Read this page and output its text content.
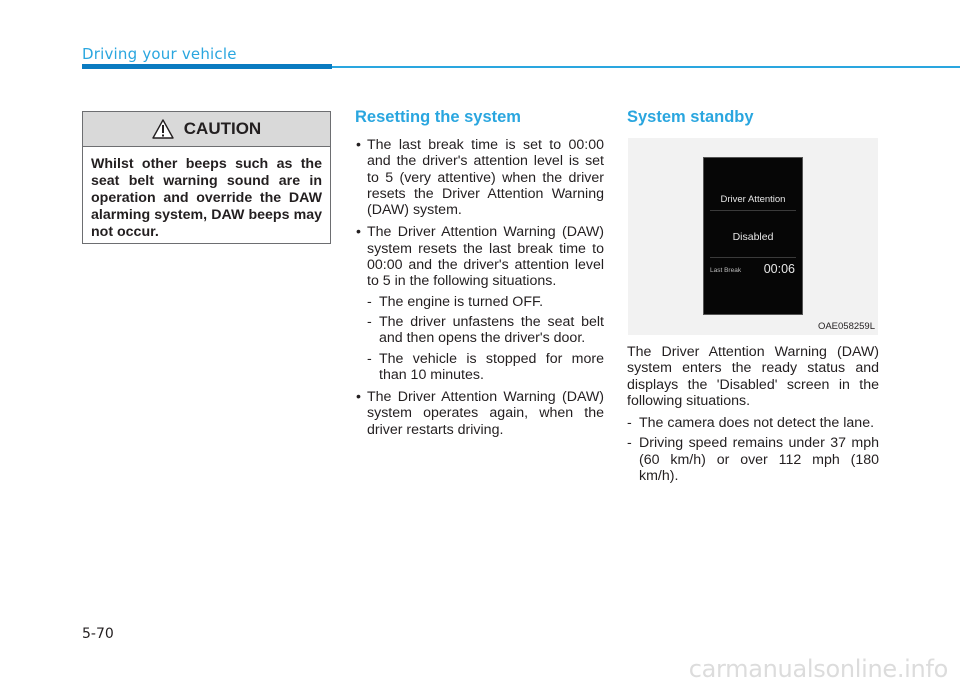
Driving your vehicle
CAUTION
Whilst other beeps such as the seat belt warning sound are in operation and override the DAW alarming system, DAW beeps may not occur.
Resetting the system
• The last break time is set to 00:00 and the driver's attention level is set to 5 (very attentive) when the driver resets the Driver Attention Warning (DAW) system.
• The Driver Attention Warning (DAW) system resets the last break time to 00:00 and the driver's attention level to 5 in the following situations.
- The engine is turned OFF.
- The driver unfastens the seat belt and then opens the driver's door.
- The vehicle is stopped for more than 10 minutes.
• The Driver Attention Warning (DAW) system operates again, when the driver restarts driving.
System standby
Driver Attention
Disabled
Last Break 00:06
OAE058259L

The Driver Attention Warning (DAW) system enters the ready status and displays the 'Disabled' screen in the following situations.

- The camera does not detect the lane.
- Driving speed remains under 37 mph (60 km/h) or over 112 mph (180 km/h).
5-70
carmanualsonline.info
